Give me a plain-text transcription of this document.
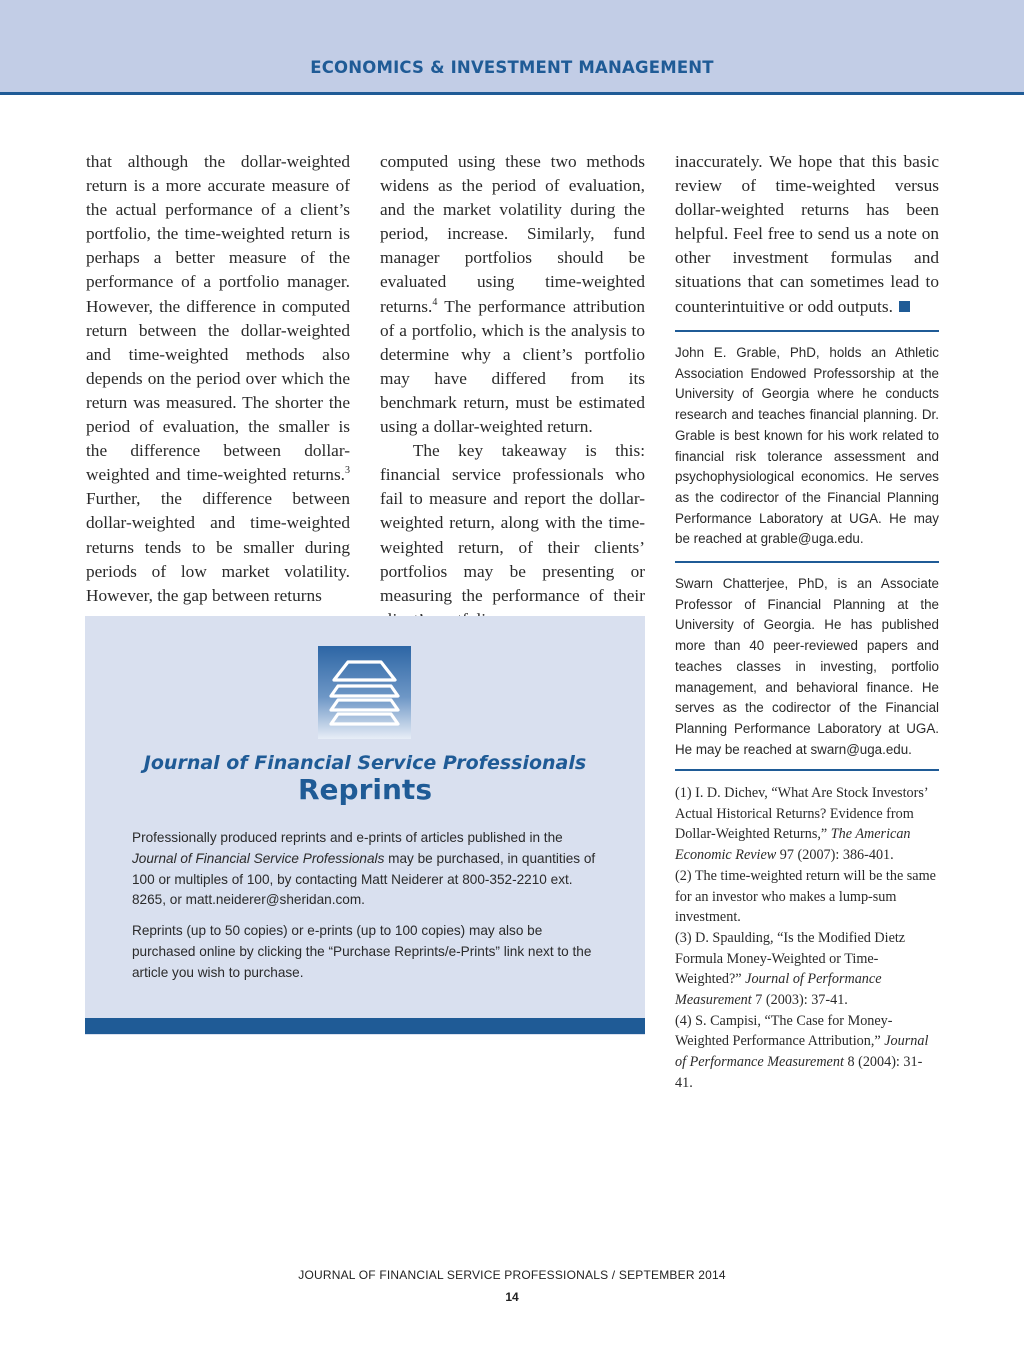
ECONOMICS & INVESTMENT MANAGEMENT

that although the dollar-weighted return is a more accurate measure of the actual performance of a client’s portfolio, the time-weighted return is perhaps a better measure of the performance of a portfolio manager. However, the difference in computed return between the dollar-weighted and time-weighted methods also depends on the period over which the return was measured. The shorter the period of evaluation, the smaller is the difference between dollar-weighted and time-weighted returns.$^3$ Further, the difference between dollar-weighted and time-weighted returns tends to be smaller during periods of low market volatility. However, the gap between returns

computed using these two methods widens as the period of evaluation, and the market volatility during the period, increase. Similarly, fund manager portfolios should be evaluated using time-weighted returns.$^4$ The performance attribution of a portfolio, which is the analysis to determine why a client’s portfolio may have differed from its benchmark return, must be estimated using a dollar-weighted return.

The key takeaway is this: financial service professionals who fail to measure and report the dollar-weighted return, along with the time-weighted return, of their clients’ portfolios may be presenting or measuring the performance of their

inaccurately. We hope that this basic review of time-weighted versus dollar-weighted returns has been helpful. Feel free to send us a note on other investment formulas and situations that can sometimes lead to counterintuitive or odd outputs.

John E. Grable, PhD, holds an Athletic Association Endowed Professorship at the University of Georgia where he conducts research and teaches financial planning. Dr. Grable is best known for his work related to financial risk tolerance assessment and psychophysiological economics. He serves as the codirector of the Financial Planning Performance Laboratory at UGA. He may be reached at grable@uga.edu.

Swarn Chatterjee, PhD, is an Associate Professor of Financial Planning at the University of Georgia. He has published more than 40 peer-reviewed papers and teaches classes in investing, portfolio management, and behavioral finance. He serves as the codirector of the Financial Planning Performance Laboratory at UGA. He may be reached at swarn@uga.edu.

(1) I. D. Dichev, “What Are Stock Investors’ Actual Historical Returns? Evidence from Dollar-Weighted Returns,” The American Economic Review 97 (2007): 386-401.

(2) The time-weighted return will be the same for an investor who makes a lump-sum investment.

(3) D. Spaulding, “Is the Modified Dietz Formula Money-Weighted or Time-Weighted?” Journal of Performance Measurement 7 (2003): 37-41.

(4) S. Campisi, “The Case for Money-Weighted Performance Attribution,” Journal of Performance Measurement 8 (2004): 31-41.

Journal of Financial Service Professionals
Reprints

Professionally produced reprints and e-prints of articles published in the Journal of Financial Service Professionals may be purchased, in quantities of 100 or multiples of 100, by contacting Matt Neiderer at 800-352-2210 ext. 8265, or matt.neiderer@sheridan.com.

Reprints (up to 50 copies) or e-prints (up to 100 copies) may also be purchased online by clicking the “Purchase Reprints/e-Prints” link next to the article you wish to purchase.

JOURNAL OF FINANCIAL SERVICE PROFESSIONALS / SEPTEMBER 2014
14
